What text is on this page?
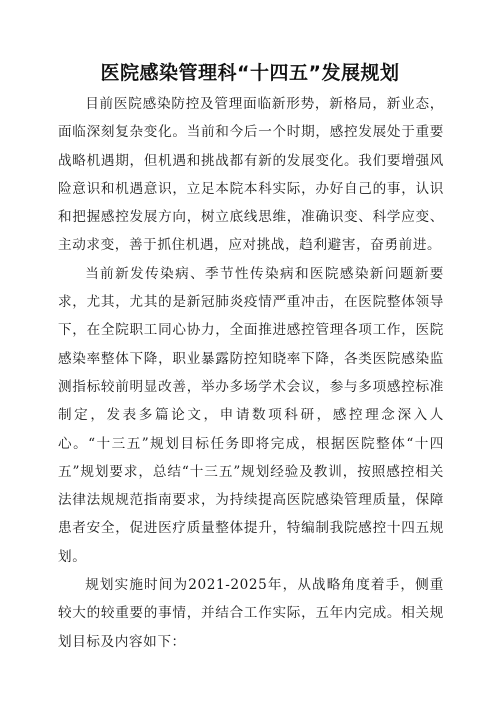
医院感染管理科“十四五”发展规划

目前医院感染防控及管理面临新形势，新格局，新业态，面临深刻复杂变化。当前和今后一个时期，感控发展处于重要战略机遇期，但机遇和挑战都有新的发展变化。我们要增强风险意识和机遇意识，立足本院本科实际，办好自己的事，认识和把握感控发展方向，树立底线思维，准确识变、科学应变、主动求变，善于抓住机遇，应对挑战，趋利避害，奋勇前进。

当前新发传染病、季节性传染病和医院感染新问题新要求，尤其，尤其的是新冠肺炎疫情严重冲击，在医院整体领导下，在全院职工同心协力，全面推进感控管理各项工作，医院感染率整体下降，职业暴露防控知晓率下降，各类医院感染监测指标较前明显改善，举办多场学术会议，参与多项感控标准制定，发表多篇论文，申请数项科研，感控理念深入人心。“十三五”规划目标任务即将完成，根据医院整体“十四五”规划要求，总结“十三五”规划经验及教训，按照感控相关法律法规规范指南要求，为持续提高医院感染管理质量，保障患者安全，促进医疗质量整体提升，特编制我院感控十四五规划。

规划实施时间为2021-2025年，从战略角度着手，侧重较大的较重要的事情，并结合工作实际，五年内完成。相关规划目标及内容如下：
